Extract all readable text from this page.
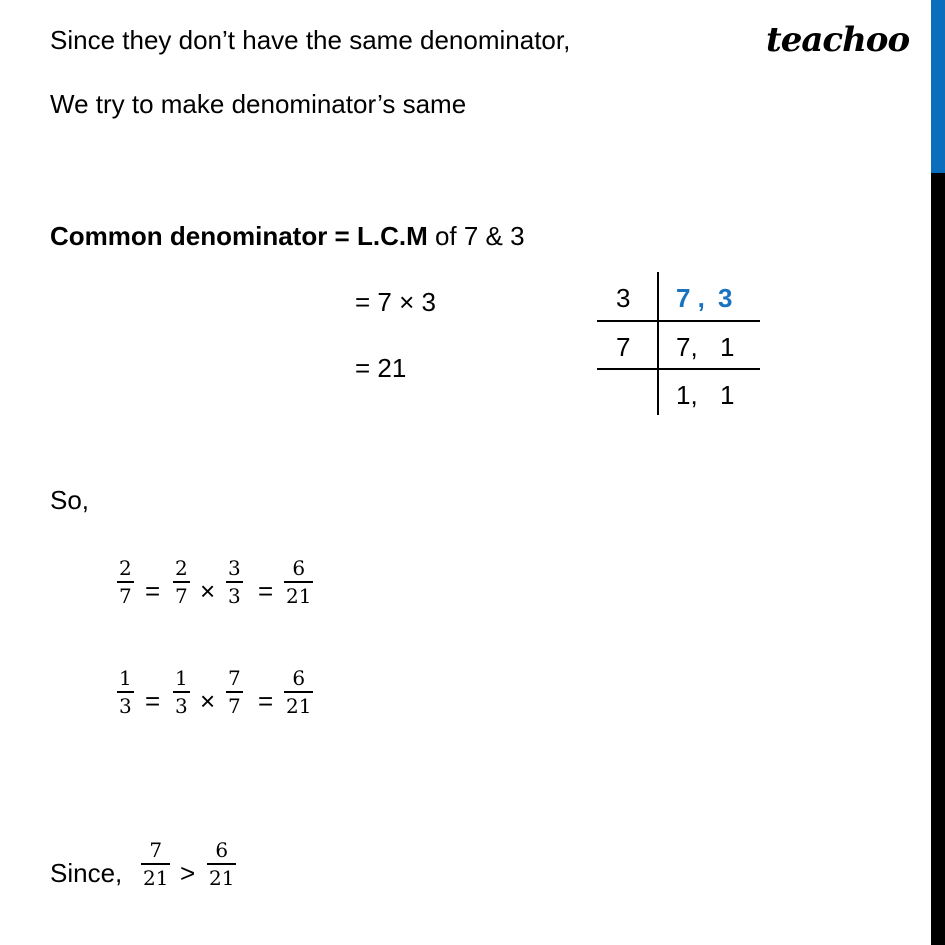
teachoo
Since they don’t have the same denominator,
We try to make denominator’s same
Common denominator = L.C.M of 7 & 3
= 7 × 3
= 21
3 7 , 3
7 7, 1
1, 1
So,
$\frac{2}{7} = \frac{2}{7} \times \frac{3}{3} = \frac{6}{21}$
$\frac{1}{3} = \frac{1}{3} \times \frac{7}{7} = \frac{6}{21}$
Since, $\frac{7}{21} > \frac{6}{21}$
